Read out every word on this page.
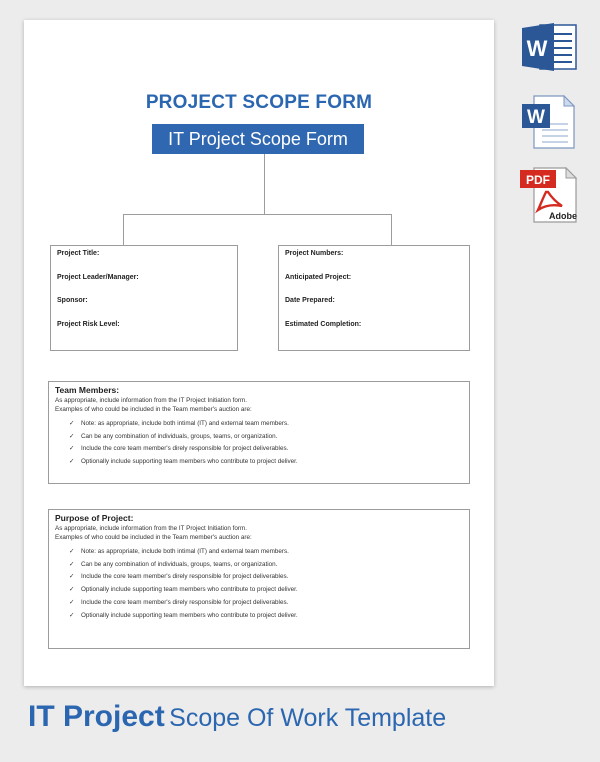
PROJECT SCOPE FORM
IT Project Scope Form
Project Title:
Project Leader/Manager:
Sponsor:
Project Risk Level:
Project Numbers:
Anticipated Project:
Date Prepared:
Estimated Completion:
Team Members:
As appropriate, include information from the IT Project Initiation form.
Examples of who could be included in the Team member's auction are:
✓ Note: as appropriate, include both intimal (IT) and external team members.
✓ Can be any combination of individuals, groups, teams, or organization.
✓ Include the core team member's direly responsible for project deliverables.
✓ Optionally include supporting team members who contribute to project deliver.
Purpose of Project:
As appropriate, include information from the IT Project Initiation form.
Examples of who could be included in the Team member's auction are:
✓ Note: as appropriate, include both intimal (IT) and external team members.
✓ Can be any combination of individuals, groups, teams, or organization.
✓ Include the core team member's direly responsible for project deliverables.
✓ Optionally include supporting team members who contribute to project deliver.
✓ Include the core team member's direly responsible for project deliverables.
✓ Optionally include supporting team members who contribute to project deliver.
W
W
PDF
Adobe
IT Project Scope Of Work Template
